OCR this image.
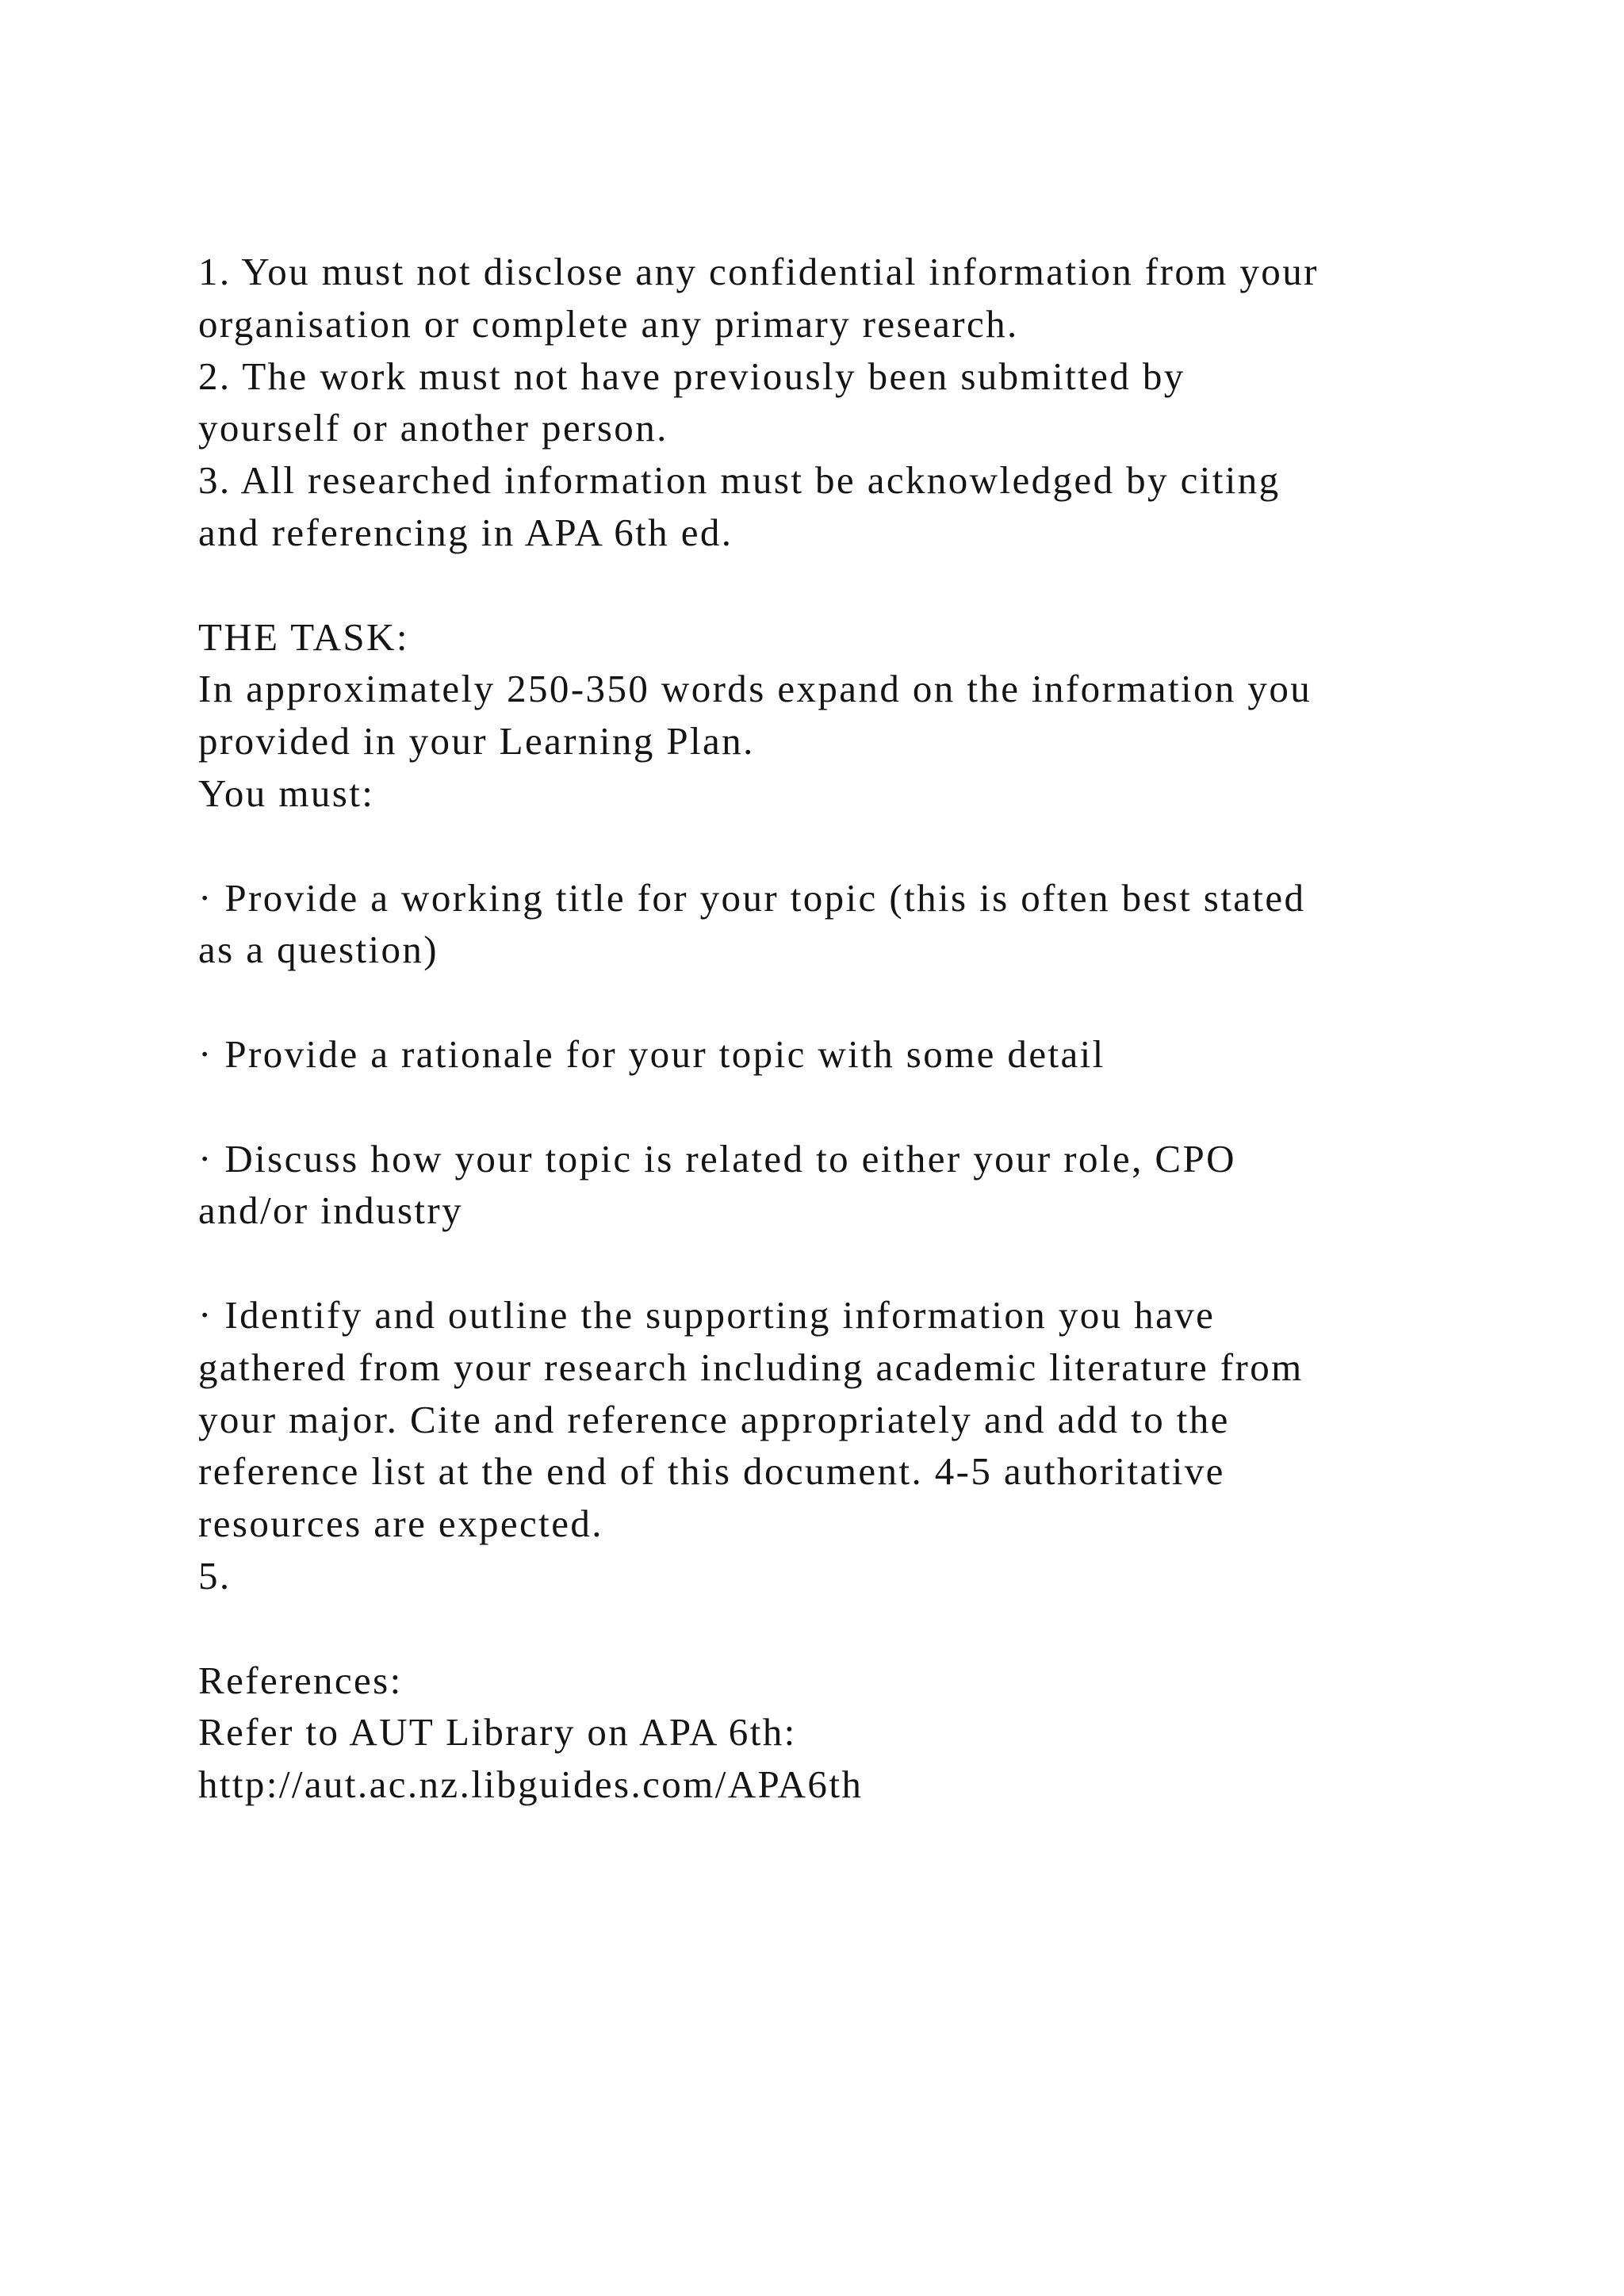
1. You must not disclose any confidential information from your
organisation or complete any primary research.
2. The work must not have previously been submitted by
yourself or another person.
3. All researched information must be acknowledged by citing
and referencing in APA 6th ed.
THE TASK:
In approximately 250-350 words expand on the information you
provided in your Learning Plan.
You must:
· Provide a working title for your topic (this is often best stated
as a question)
· Provide a rationale for your topic with some detail
· Discuss how your topic is related to either your role, CPO
and/or industry
· Identify and outline the supporting information you have
gathered from your research including academic literature from
your major. Cite and reference appropriately and add to the
reference list at the end of this document. 4-5 authoritative
resources are expected.
5.
References:
Refer to AUT Library on APA 6th:
http://aut.ac.nz.libguides.com/APA6th
